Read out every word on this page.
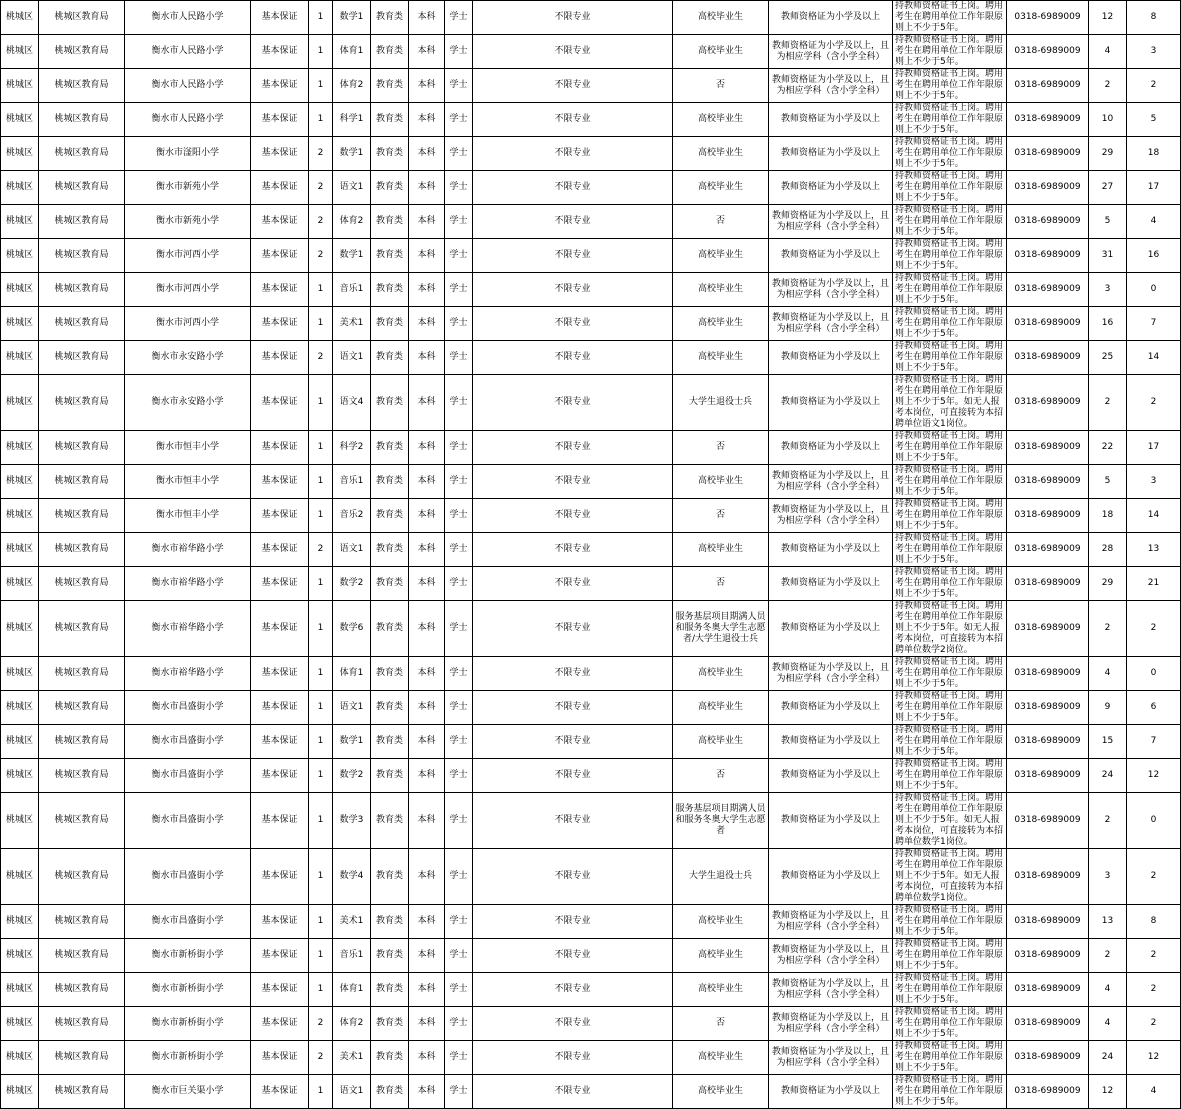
桃城区	桃城区教育局	衡水市人民路小学	基本保证	1	数学1	教育类	本科	学士	不限专业	高校毕业生	教师资格证为小学及以上	持教师资格证书上岗。聘用考生在聘用单位工作年限原则上不少于5年。	0318-6989009	12	8
桃城区	桃城区教育局	衡水市人民路小学	基本保证	1	体育1	教育类	本科	学士	不限专业	高校毕业生	教师资格证为小学及以上，且为相应学科（含小学全科）	持教师资格证书上岗。聘用考生在聘用单位工作年限原则上不少于5年。	0318-6989009	4	3
桃城区	桃城区教育局	衡水市人民路小学	基本保证	1	体育2	教育类	本科	学士	不限专业	否	教师资格证为小学及以上，且为相应学科（含小学全科）	持教师资格证书上岗。聘用考生在聘用单位工作年限原则上不少于5年。	0318-6989009	2	2
桃城区	桃城区教育局	衡水市人民路小学	基本保证	1	科学1	教育类	本科	学士	不限专业	高校毕业生	教师资格证为小学及以上	持教师资格证书上岗。聘用考生在聘用单位工作年限原则上不少于5年。	0318-6989009	10	5
桃城区	桃城区教育局	衡水市滏阳小学	基本保证	2	数学1	教育类	本科	学士	不限专业	高校毕业生	教师资格证为小学及以上	持教师资格证书上岗。聘用考生在聘用单位工作年限原则上不少于5年。	0318-6989009	29	18
桃城区	桃城区教育局	衡水市新苑小学	基本保证	2	语文1	教育类	本科	学士	不限专业	高校毕业生	教师资格证为小学及以上	持教师资格证书上岗。聘用考生在聘用单位工作年限原则上不少于5年。	0318-6989009	27	17
桃城区	桃城区教育局	衡水市新苑小学	基本保证	2	体育2	教育类	本科	学士	不限专业	否	教师资格证为小学及以上，且为相应学科（含小学全科）	持教师资格证书上岗。聘用考生在聘用单位工作年限原则上不少于5年。	0318-6989009	5	4
桃城区	桃城区教育局	衡水市河西小学	基本保证	2	数学1	教育类	本科	学士	不限专业	高校毕业生	教师资格证为小学及以上	持教师资格证书上岗。聘用考生在聘用单位工作年限原则上不少于5年。	0318-6989009	31	16
桃城区	桃城区教育局	衡水市河西小学	基本保证	1	音乐1	教育类	本科	学士	不限专业	高校毕业生	教师资格证为小学及以上，且为相应学科（含小学全科）	持教师资格证书上岗。聘用考生在聘用单位工作年限原则上不少于5年。	0318-6989009	3	0
桃城区	桃城区教育局	衡水市河西小学	基本保证	1	美术1	教育类	本科	学士	不限专业	高校毕业生	教师资格证为小学及以上，且为相应学科（含小学全科）	持教师资格证书上岗。聘用考生在聘用单位工作年限原则上不少于5年。	0318-6989009	16	7
桃城区	桃城区教育局	衡水市永安路小学	基本保证	2	语文1	教育类	本科	学士	不限专业	高校毕业生	教师资格证为小学及以上	持教师资格证书上岗。聘用考生在聘用单位工作年限原则上不少于5年。	0318-6989009	25	14
桃城区	桃城区教育局	衡水市永安路小学	基本保证	1	语文4	教育类	本科	学士	不限专业	大学生退役士兵	教师资格证为小学及以上	持教师资格证书上岗。聘用考生在聘用单位工作年限原则上不少于5年。如无人报考本岗位，可直接转为本招聘单位语文1岗位。	0318-6989009	2	2
桃城区	桃城区教育局	衡水市恒丰小学	基本保证	1	科学2	教育类	本科	学士	不限专业	否	教师资格证为小学及以上	持教师资格证书上岗。聘用考生在聘用单位工作年限原则上不少于5年。	0318-6989009	22	17
桃城区	桃城区教育局	衡水市恒丰小学	基本保证	1	音乐1	教育类	本科	学士	不限专业	高校毕业生	教师资格证为小学及以上，且为相应学科（含小学全科）	持教师资格证书上岗。聘用考生在聘用单位工作年限原则上不少于5年。	0318-6989009	5	3
桃城区	桃城区教育局	衡水市恒丰小学	基本保证	1	音乐2	教育类	本科	学士	不限专业	否	教师资格证为小学及以上，且为相应学科（含小学全科）	持教师资格证书上岗。聘用考生在聘用单位工作年限原则上不少于5年。	0318-6989009	18	14
桃城区	桃城区教育局	衡水市裕华路小学	基本保证	2	语文1	教育类	本科	学士	不限专业	高校毕业生	教师资格证为小学及以上	持教师资格证书上岗。聘用考生在聘用单位工作年限原则上不少于5年。	0318-6989009	28	13
桃城区	桃城区教育局	衡水市裕华路小学	基本保证	1	数学2	教育类	本科	学士	不限专业	否	教师资格证为小学及以上	持教师资格证书上岗。聘用考生在聘用单位工作年限原则上不少于5年。	0318-6989009	29	21
桃城区	桃城区教育局	衡水市裕华路小学	基本保证	1	数学6	教育类	本科	学士	不限专业	服务基层项目期满人员和服务冬奥大学生志愿者/大学生退役士兵	教师资格证为小学及以上	持教师资格证书上岗。聘用考生在聘用单位工作年限原则上不少于5年。如无人报考本岗位，可直接转为本招聘单位数学2岗位。	0318-6989009	2	2
桃城区	桃城区教育局	衡水市裕华路小学	基本保证	1	体育1	教育类	本科	学士	不限专业	高校毕业生	教师资格证为小学及以上，且为相应学科（含小学全科）	持教师资格证书上岗。聘用考生在聘用单位工作年限原则上不少于5年。	0318-6989009	4	0
桃城区	桃城区教育局	衡水市昌盛街小学	基本保证	1	语文1	教育类	本科	学士	不限专业	高校毕业生	教师资格证为小学及以上	持教师资格证书上岗。聘用考生在聘用单位工作年限原则上不少于5年。	0318-6989009	9	6
桃城区	桃城区教育局	衡水市昌盛街小学	基本保证	1	数学1	教育类	本科	学士	不限专业	高校毕业生	教师资格证为小学及以上	持教师资格证书上岗。聘用考生在聘用单位工作年限原则上不少于5年。	0318-6989009	15	7
桃城区	桃城区教育局	衡水市昌盛街小学	基本保证	1	数学2	教育类	本科	学士	不限专业	否	教师资格证为小学及以上	持教师资格证书上岗。聘用考生在聘用单位工作年限原则上不少于5年。	0318-6989009	24	12
桃城区	桃城区教育局	衡水市昌盛街小学	基本保证	1	数学3	教育类	本科	学士	不限专业	服务基层项目期满人员和服务冬奥大学生志愿者	教师资格证为小学及以上	持教师资格证书上岗。聘用考生在聘用单位工作年限原则上不少于5年。如无人报考本岗位，可直接转为本招聘单位数学1岗位。	0318-6989009	2	0
桃城区	桃城区教育局	衡水市昌盛街小学	基本保证	1	数学4	教育类	本科	学士	不限专业	大学生退役士兵	教师资格证为小学及以上	持教师资格证书上岗。聘用考生在聘用单位工作年限原则上不少于5年。如无人报考本岗位，可直接转为本招聘单位数学1岗位。	0318-6989009	3	2
桃城区	桃城区教育局	衡水市昌盛街小学	基本保证	1	美术1	教育类	本科	学士	不限专业	高校毕业生	教师资格证为小学及以上，且为相应学科（含小学全科）	持教师资格证书上岗。聘用考生在聘用单位工作年限原则上不少于5年。	0318-6989009	13	8
桃城区	桃城区教育局	衡水市新桥街小学	基本保证	1	音乐1	教育类	本科	学士	不限专业	高校毕业生	教师资格证为小学及以上，且为相应学科（含小学全科）	持教师资格证书上岗。聘用考生在聘用单位工作年限原则上不少于5年。	0318-6989009	2	2
桃城区	桃城区教育局	衡水市新桥街小学	基本保证	1	体育1	教育类	本科	学士	不限专业	高校毕业生	教师资格证为小学及以上，且为相应学科（含小学全科）	持教师资格证书上岗。聘用考生在聘用单位工作年限原则上不少于5年。	0318-6989009	4	2
桃城区	桃城区教育局	衡水市新桥街小学	基本保证	2	体育2	教育类	本科	学士	不限专业	否	教师资格证为小学及以上，且为相应学科（含小学全科）	持教师资格证书上岗。聘用考生在聘用单位工作年限原则上不少于5年。	0318-6989009	4	2
桃城区	桃城区教育局	衡水市新桥街小学	基本保证	2	美术1	教育类	本科	学士	不限专业	高校毕业生	教师资格证为小学及以上，且为相应学科（含小学全科）	持教师资格证书上岗。聘用考生在聘用单位工作年限原则上不少于5年。	0318-6989009	24	12
桃城区	桃城区教育局	衡水市巨关渠小学	基本保证	1	语文1	教育类	本科	学士	不限专业	高校毕业生	教师资格证为小学及以上	持教师资格证书上岗。聘用考生在聘用单位工作年限原则上不少于5年。	0318-6989009	12	4
